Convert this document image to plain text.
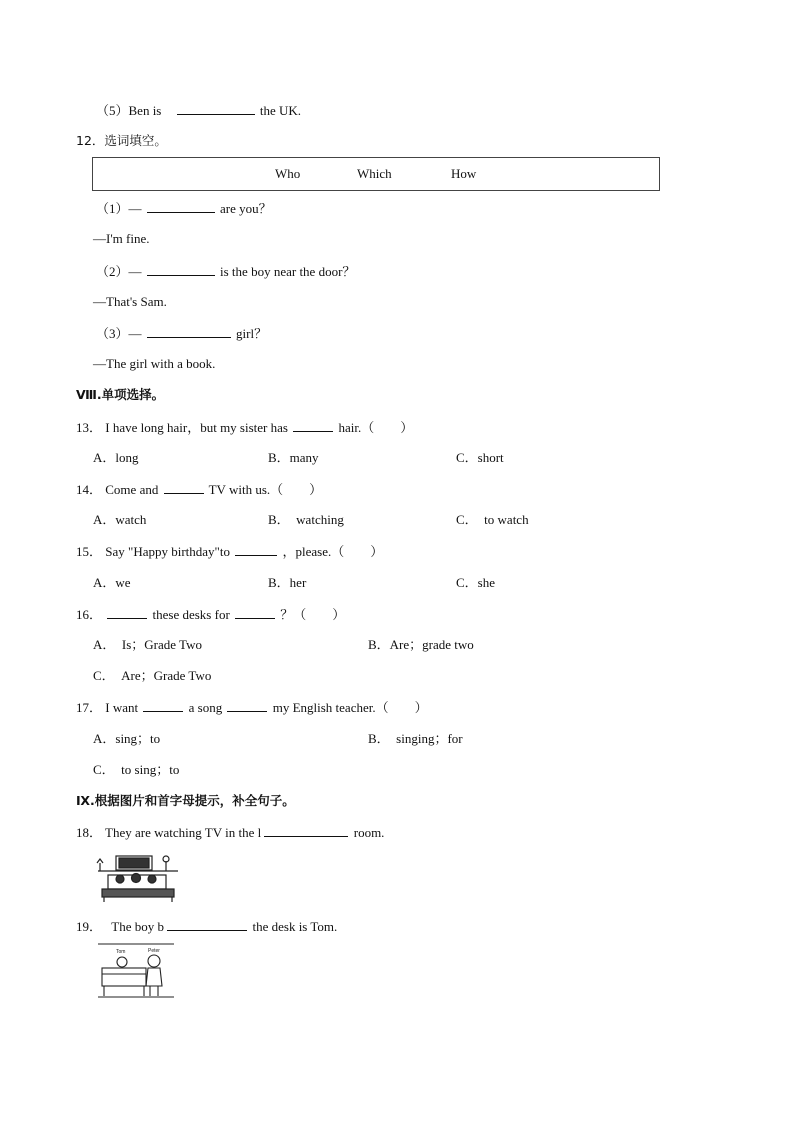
（5）Ben is	the UK.
12．选词填空。
Who	Which	How
（1）—	are you？
—I'm fine.
（2）—	is the boy near the door？
—That's Sam.
（3）—	girl？
—The girl with a book.
Ⅷ.单项选择。
13． I have long hair，but my sister has	hair.（　　）
A．long	B．many	C．short
14． Come and	TV with us.（　　）
A．watch	B．　watching	C．　to watch
15． Say "Happy birthday"to	，please.（　　）
A．we	B．her	C．she
16．	these desks for	？（　　）
A．　Is；Grade Two	B．Are；grade two
C．　Are；Grade Two
17． I want	a song	my English teacher.（　　）
A．sing；to	B．　singing；for
C．　to sing；to
Ⅸ.根据图片和首字母提示，补全句子。
18． They are watching TV in the l	room.
19． The boy b	the desk is Tom.
Tom	Peter
